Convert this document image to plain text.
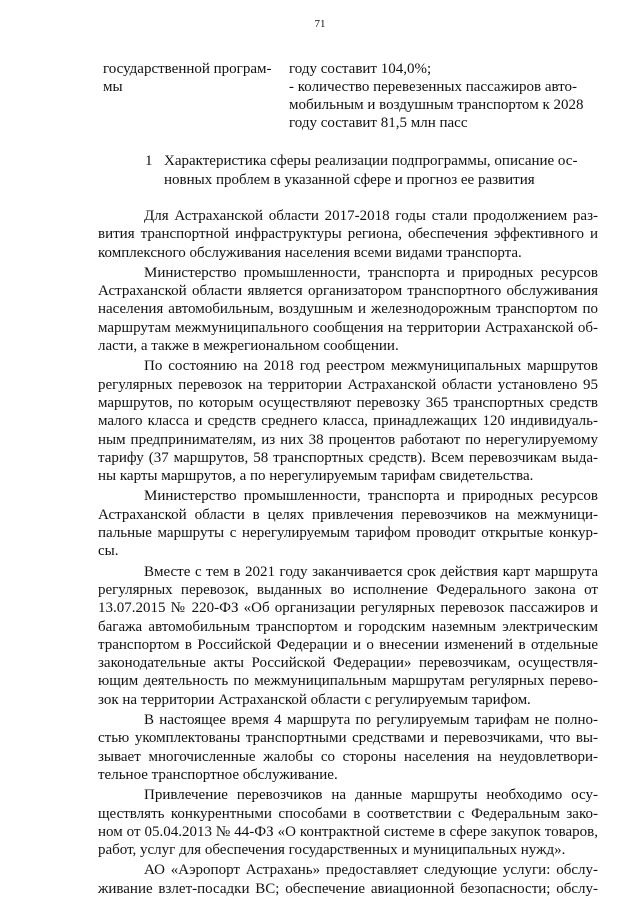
71
государственной програм-
мы
году составит 104,0%;
- количество перевезенных пассажиров авто-
мобильным и воздушным транспортом к 2028
году составит 81,5 млн пасс
1 Характеристика сферы реализации подпрограммы, описание ос-
новных проблем в указанной сфере и прогноз ее развития

Для Астраханской области 2017-2018 годы стали продолжением раз-
вития транспортной инфраструктуры региона, обеспечения эффективного и
комплексного обслуживания населения всеми видами транспорта.

Министерство промышленности, транспорта и природных ресурсов
Астраханской области является организатором транспортного обслуживания
населения автомобильным, воздушным и железнодорожным транспортом по
маршрутам межмуниципального сообщения на территории Астраханской об-
ласти, а также в межрегиональном сообщении.

По состоянию на 2018 год реестром межмуниципальных маршрутов
регулярных перевозок на территории Астраханской области установлено 95
маршрутов, по которым осуществляют перевозку 365 транспортных средств
малого класса и средств среднего класса, принадлежащих 120 индивидуаль-
ным предпринимателям, из них 38 процентов работают по нерегулируемому
тарифу (37 маршрутов, 58 транспортных средств). Всем перевозчикам выда-
ны карты маршрутов, а по нерегулируемым тарифам свидетельства.

Министерство промышленности, транспорта и природных ресурсов
Астраханской области в целях привлечения перевозчиков на межмуници-
пальные маршруты с нерегулируемым тарифом проводит открытые конкур-
сы.

Вместе с тем в 2021 году заканчивается срок действия карт маршрута
регулярных перевозок, выданных во исполнение Федерального закона от
13.07.2015 № 220-ФЗ «Об организации регулярных перевозок пассажиров и
багажа автомобильным транспортом и городским наземным электрическим
транспортом в Российской Федерации и о внесении изменений в отдельные
законодательные акты Российской Федерации» перевозчикам, осуществля-
ющим деятельность по межмуниципальным маршрутам регулярных перево-
зок на территории Астраханской области с регулируемым тарифом.

В настоящее время 4 маршрута по регулируемым тарифам не полно-
стью укомплектованы транспортными средствами и перевозчиками, что вы-
зывает многочисленные жалобы со стороны населения на неудовлетвори-
тельное транспортное обслуживание.

Привлечение перевозчиков на данные маршруты необходимо осу-
ществлять конкурентными способами в соответствии с Федеральным зако-
ном от 05.04.2013 № 44-ФЗ «О контрактной системе в сфере закупок товаров,
работ, услуг для обеспечения государственных и муниципальных нужд».

АО «Аэропорт Астрахань» предоставляет следующие услуги: обслу-
живание взлет-посадки ВС; обеспечение авиационной безопасности; обслу-
